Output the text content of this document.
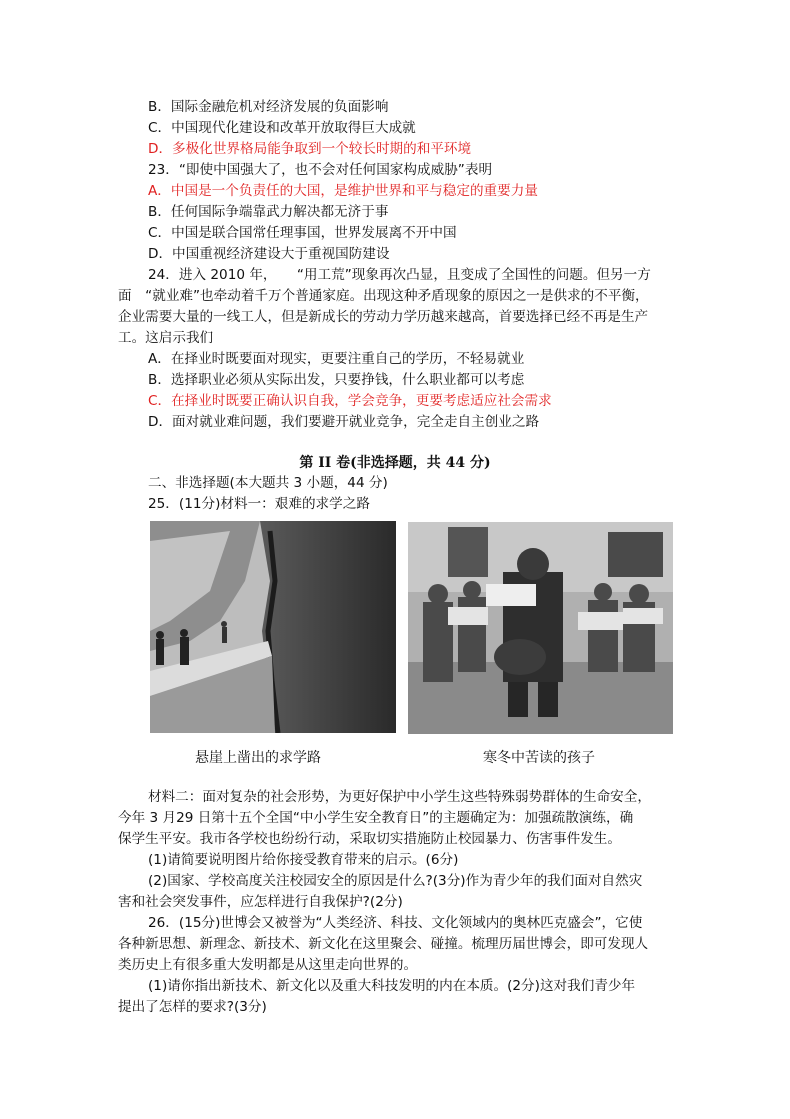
B．国际金融危机对经济发展的负面影响
C．中国现代化建设和改革开放取得巨大成就
D．多极化世界格局能争取到一个较长时期的和平环境
23．“即使中国强大了，也不会对任何国家构成威胁”表明
A．中国是一个负责任的大国，是维护世界和平与稳定的重要力量
B．任何国际争端靠武力解决都无济于事
C．中国是联合国常任理事国，世界发展离不开中国
D．中国重视经济建设大于重视国防建设
24．进入 2010 年，　　“用工荒”现象再次凸显，且变成了全国性的问题。但另一方
面　“就业难”也牵动着千万个普通家庭。出现这种矛盾现象的原因之一是供求的不平衡，
企业需要大量的一线工人，但是新成长的劳动力学历越来越高，首要选择已经不再是生产
工。这启示我们
A．在择业时既要面对现实，更要注重自己的学历，不轻易就业
B．选择职业必须从实际出发，只要挣钱，什么职业都可以考虑
C．在择业时既要正确认识自我，学会竞争，更要考虑适应社会需求
D．面对就业难问题，我们要避开就业竞争，完全走自主创业之路
第 II 卷(非选择题，共 44 分)
二、非选择题(本大题共 3 小题，44 分)
25．(11分)材料一：艰难的求学之路
悬崖上凿出的求学路	寒冬中苦读的孩子
材料二：面对复杂的社会形势，为更好保护中小学生这些特殊弱势群体的生命安全，
今年 3 月29 日第十五个全国“中小学生安全教育日”的主题确定为：加强疏散演练，确
保学生平安。我市各学校也纷纷行动，采取切实措施防止校园暴力、伤害事件发生。
(1)请简要说明图片给你接受教育带来的启示。(6分)
(2)国家、学校高度关注校园安全的原因是什么?(3分)作为青少年的我们面对自然灾
害和社会突发事件，应怎样进行自我保护?(2分)
26．(15分)世博会又被誉为“人类经济、科技、文化领域内的奥林匹克盛会”，它使
各种新思想、新理念、新技术、新文化在这里聚会、碰撞。梳理历届世博会，即可发现人
类历史上有很多重大发明都是从这里走向世界的。
(1)请你指出新技术、新文化以及重大科技发明的内在本质。(2分)这对我们青少年
提出了怎样的要求?(3分)
